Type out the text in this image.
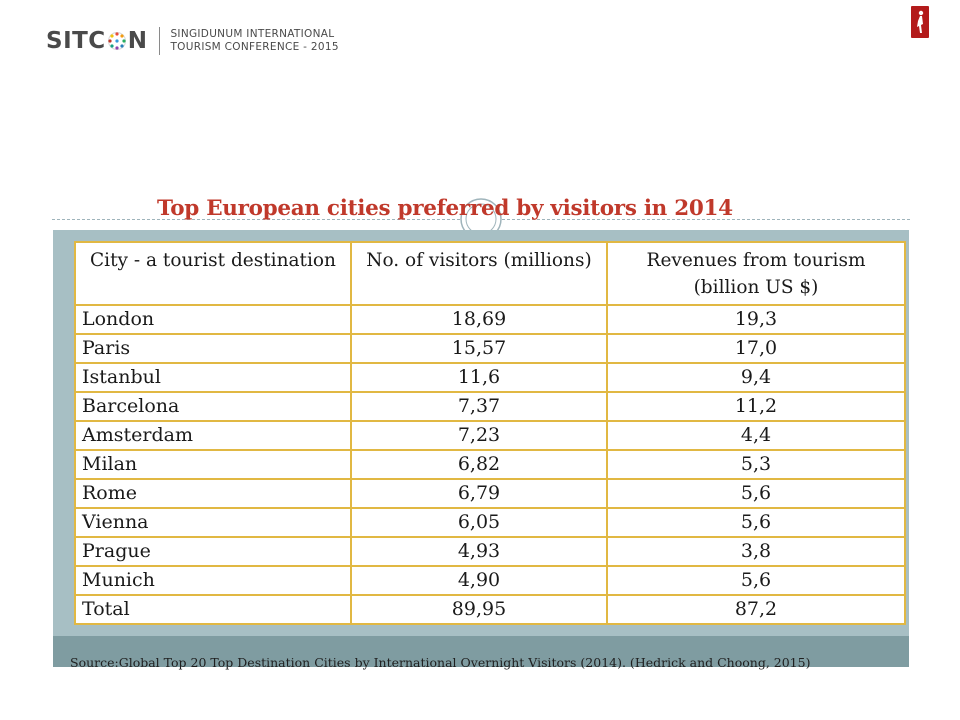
SITC N SINGIDUNUM INTERNATIONAL
TOURISM CONFERENCE - 2015
Top European cities preferred by visitors in 2014
City - a tourist destination	No. of visitors (millions)	Revenues from tourism (billion US $)
London	18,69	19,3
Paris	15,57	17,0
Istanbul	11,6	9,4
Barcelona	7,37	11,2
Amsterdam	7,23	4,4
Milan	6,82	5,3
Rome	6,79	5,6
Vienna	6,05	5,6
Prague	4,93	3,8
Munich	4,90	5,6
Total	89,95	87,2
Source:Global Top 20 Top Destination Cities by International Overnight Visitors (2014). (Hedrick and Choong, 2015)
